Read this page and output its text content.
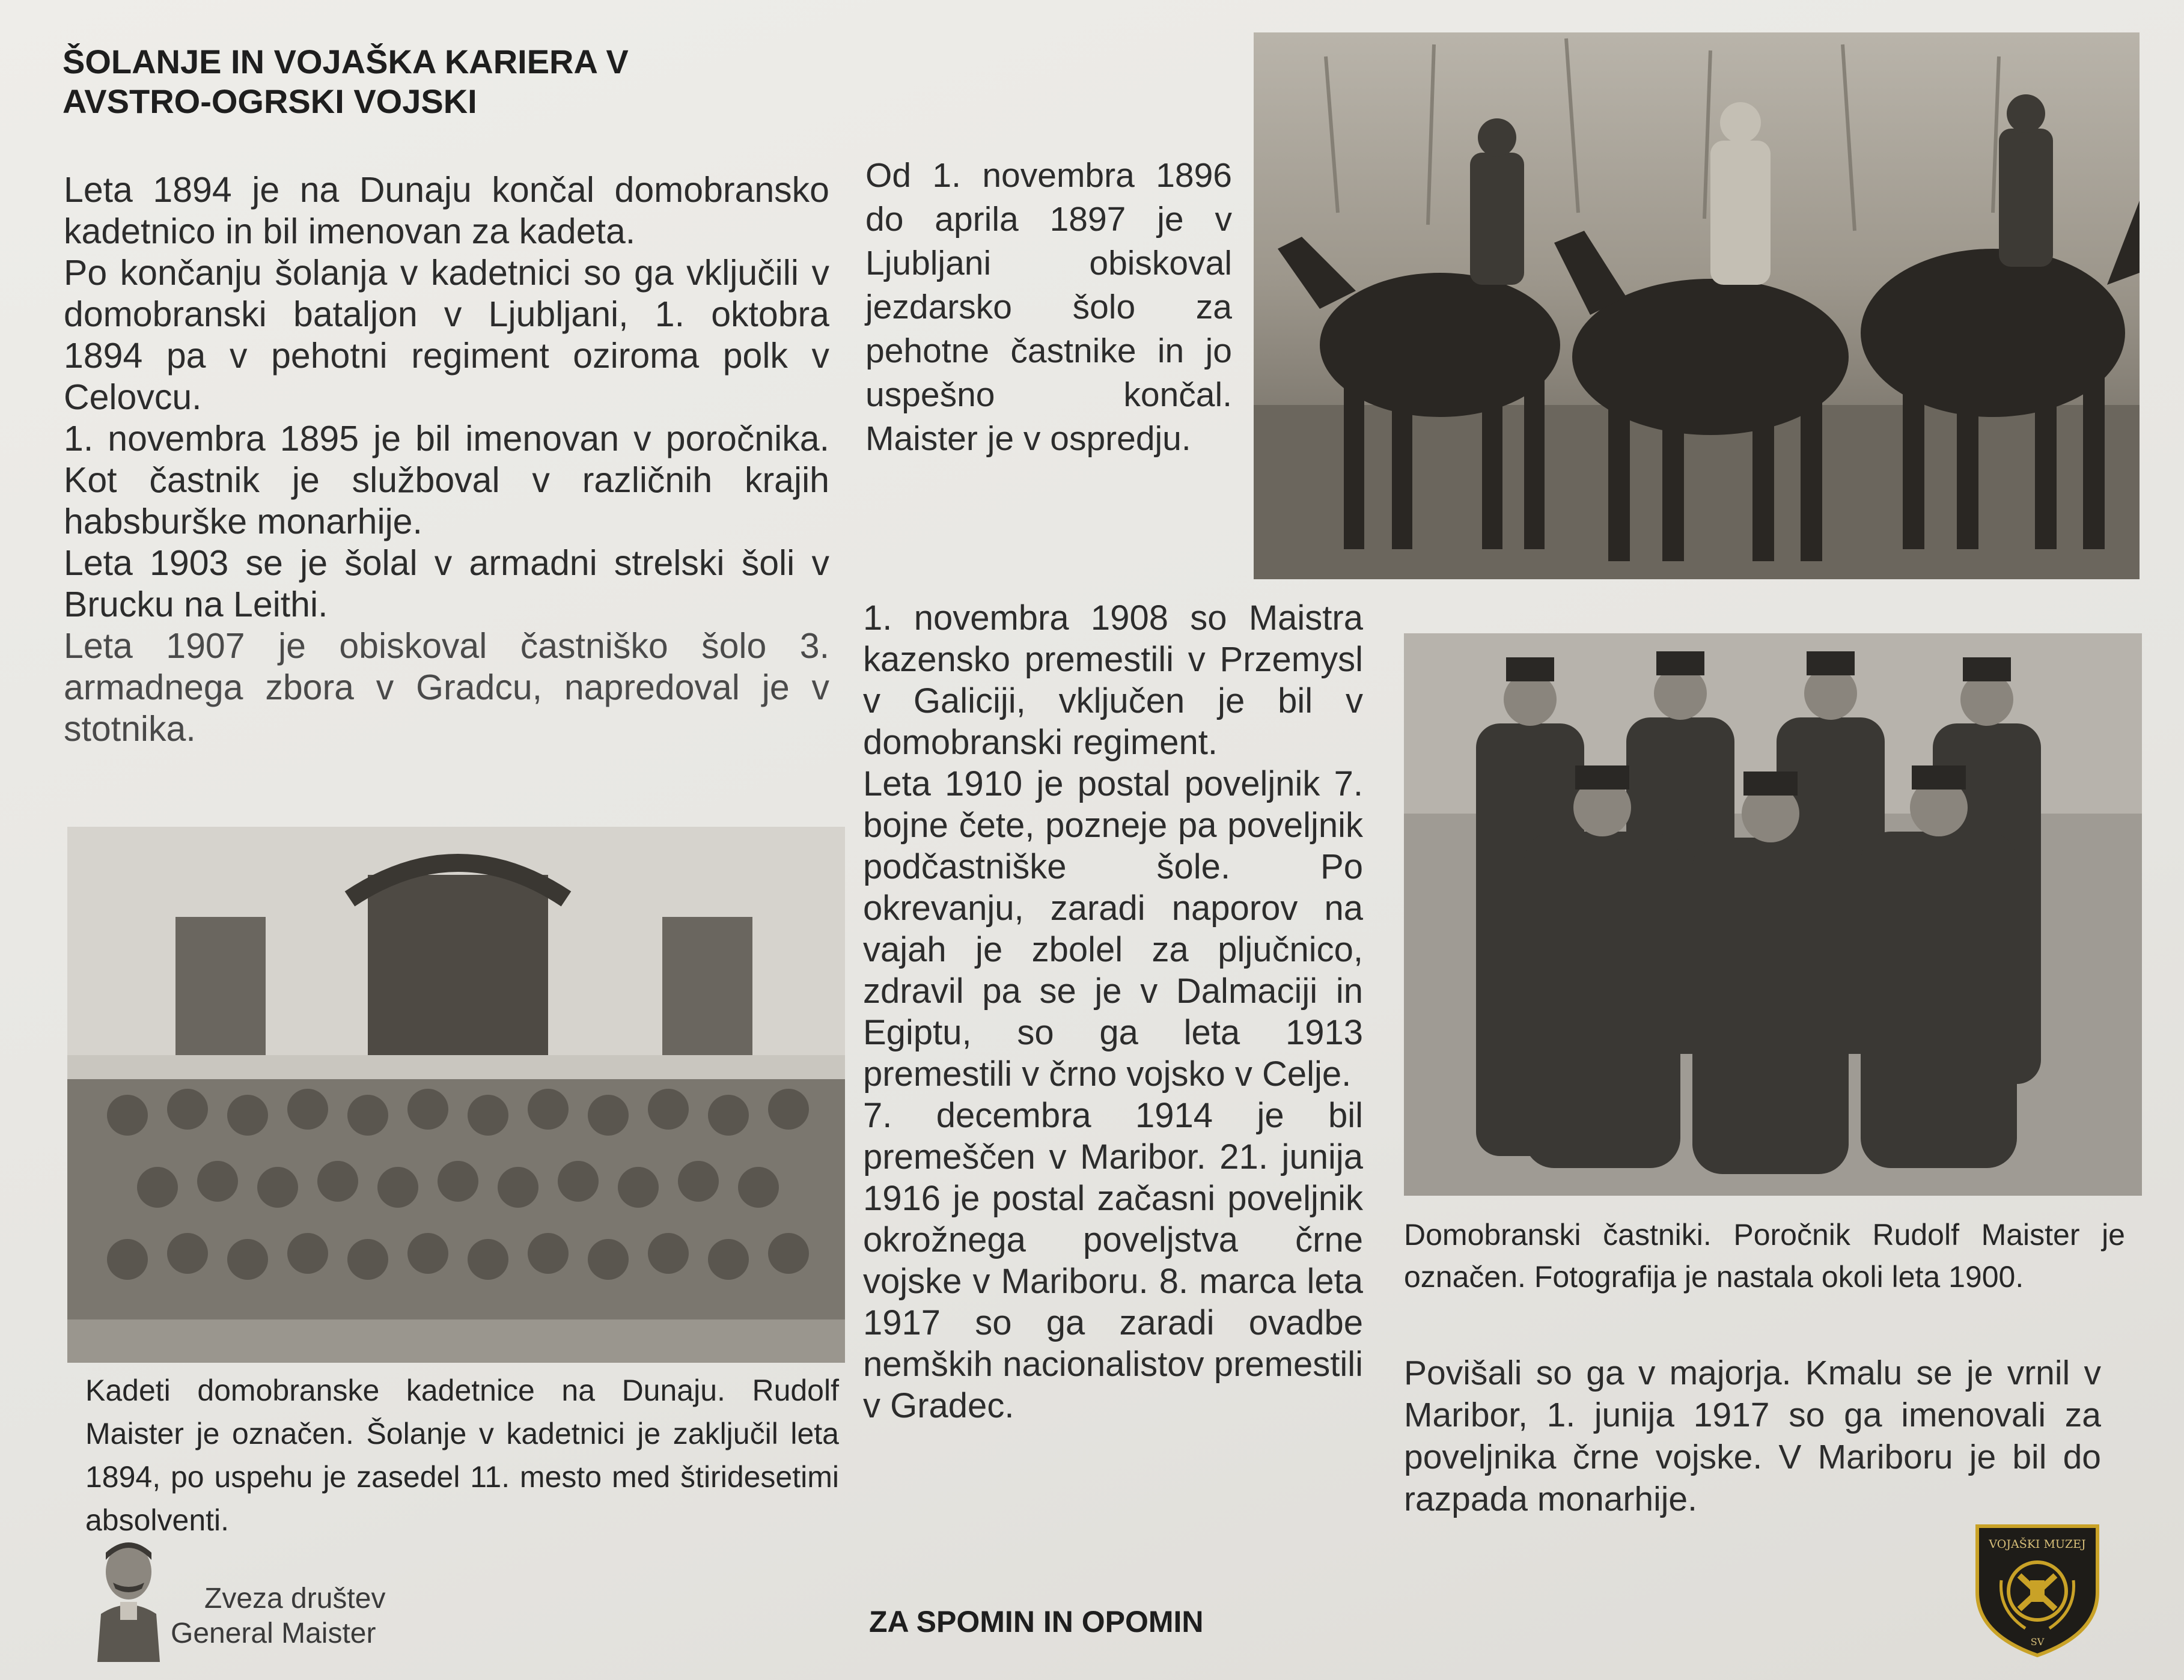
ŠOLANJE IN VOJAŠKA KARIERA V
AVSTRO-OGRSKI VOJSKI

Leta 1894 je na Dunaju končal domobransko kadetnico in bil imenovan za kadeta.

Po končanju šolanja v kadetnici so ga vključili v domobranski bataljon v Ljubljani, 1. oktobra 1894 pa v pehotni regiment oziroma polk v Celovcu.

1. novembra 1895 je bil imenovan v poročnika. Kot častnik je služboval v različnih krajih habsburške monarhije.

Leta 1903 se je šolal v armadni strelski šoli v Brucku na Leithi.

Leta 1907 je obiskoval častniško šolo 3. armadnega zbora v Gradcu, napredoval je v stotnika.

Od 1. novembra 1896 do aprila 1897 je v Ljubljani obiskoval jezdarsko šolo za pehotne častnike in jo uspešno končal. Maister je v ospredju.

1. novembra 1908 so Maistra kazensko premestili v Przemysl v Galiciji, vključen je bil v domobranski regiment.

Leta 1910 je postal poveljnik 7. bojne čete, pozneje pa poveljnik podčastniške šole. Po okrevanju, zaradi naporov na vajah je zbolel za pljučnico, zdravil pa se je v Dalmaciji in Egiptu, so ga leta 1913 premestili v črno vojsko v Celje.

7. decembra 1914 je bil premeščen v Maribor. 21. junija 1916 je postal začasni poveljnik okrožnega poveljstva črne vojske v Mariboru. 8. marca leta 1917 so ga zaradi ovadbe nemških nacionalistov premestili v Gradec.

Povišali so ga v majorja. Kmalu se je vrnil v Maribor, 1. junija 1917 so ga imenovali za poveljnika črne vojske. V Mariboru je bil do razpada monarhije.

Kadeti domobranske kadetnice na Dunaju. Rudolf Maister je označen. Šolanje v kadetnici je zaključil leta 1894, po uspehu je zasedel 11. mesto med štiridesetimi absolventi.
Domobranski častniki. Poročnik Rudolf Maister je označen. Fotografija je nastala okoli leta 1900.
Zveza društev
General Maister	ZA SPOMIN IN OPOMIN
VOJAŠKI MUZEJ
SV
